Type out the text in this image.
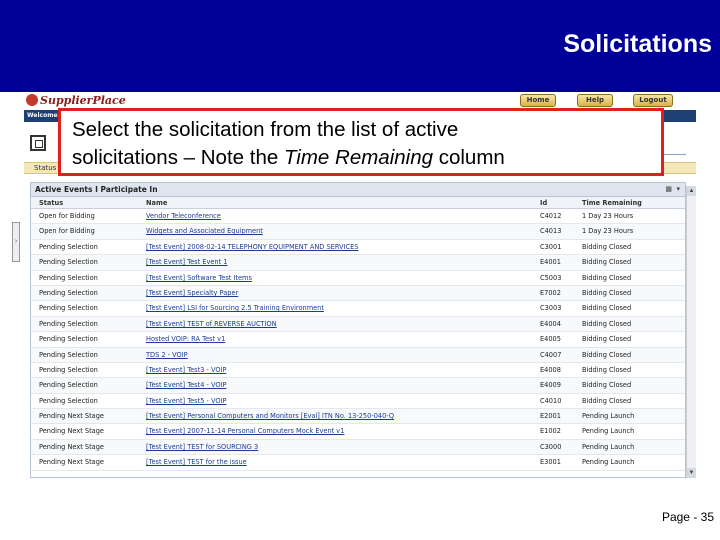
Solicitations
SupplierPlace	Home	Help	Logout
Welcome
›
Status
Active Events I Participate In	▦ ▾
Status	Name	Id	Time Remaining
Open for Bidding	Vendor Teleconference	C4012	1 Day 23 Hours
Open for Bidding	Widgets and Associated Equipment	C4013	1 Day 23 Hours
Pending Selection	[Test Event] 2008-02-14 TELEPHONY EQUIPMENT AND SERVICES	C3001	Bidding Closed
Pending Selection	[Test Event] Test Event 1	E4001	Bidding Closed
Pending Selection	[Test Event] Software Test Items	C5003	Bidding Closed
Pending Selection	[Test Event] Specialty Paper	E7002	Bidding Closed
Pending Selection	[Test Event] LSI for Sourcing 2.5 Training Environment	C3003	Bidding Closed
Pending Selection	[Test Event] TEST of REVERSE AUCTION	E4004	Bidding Closed
Pending Selection	Hosted VOIP: RA Test v1	E4005	Bidding Closed
Pending Selection	TDS 2 - VOIP	C4007	Bidding Closed
Pending Selection	[Test Event] Test3 - VOIP	E4008	Bidding Closed
Pending Selection	[Test Event] Test4 - VOIP	E4009	Bidding Closed
Pending Selection	[Test Event] Test5 - VOIP	C4010	Bidding Closed
Pending Next Stage	[Test Event] Personal Computers and Monitors [Eval] ITN No. 13-250-040-Q	E2001	Pending Launch
Pending Next Stage	[Test Event] 2007-11-14 Personal Computers Mock Event v1	E1002	Pending Launch
Pending Next Stage	[Test Event] TEST for SOURCING 3	C3000	Pending Launch
Pending Next Stage	[Test Event] TEST for the issue	E3001	Pending Launch
▲
▼
Select the solicitation from the list of active
solicitations – Note the Time Remaining column
Page - 35
